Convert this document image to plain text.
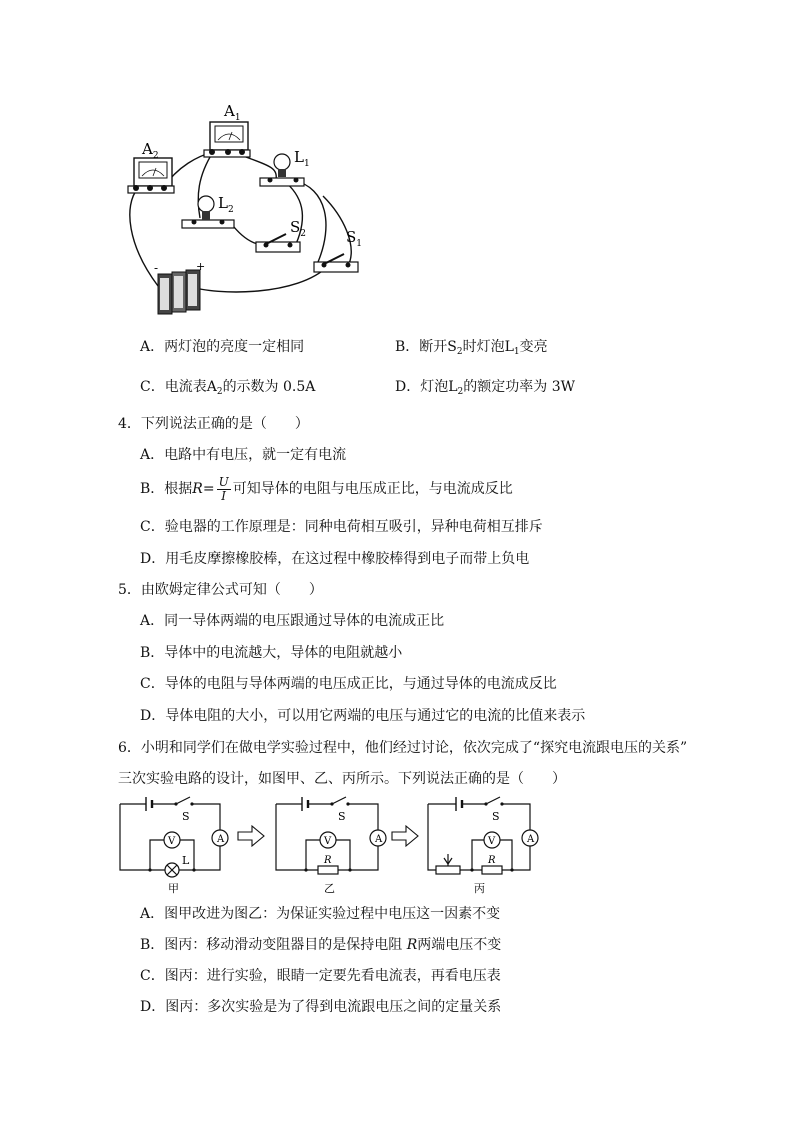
$A_1$
$A_2$	$L_1$
$L_2$
$S_2$	$S_1$
-	+
A．两灯泡的亮度一定相同	B．断开$S_2$时灯泡$L_1$变亮
C．电流表$A_2$的示数为 0.5A	D．灯泡$L_2$的额定功率为 3W
4．下列说法正确的是（　　）
A．电路中有电压，就一定有电流
B．根据$R= \frac{U}{I}$ 可知导体的电阻与电压成正比，与电流成反比
C．验电器的工作原理是：同种电荷相互吸引，异种电荷相互排斥
D．用毛皮摩擦橡胶棒，在这过程中橡胶棒得到电子而带上负电
5．由欧姆定律公式可知（　　）
A．同一导体两端的电压跟通过导体的电流成正比
B．导体中的电流越大，导体的电阻就越小
C．导体的电阻与导体两端的电压成正比，与通过导体的电流成反比
D．导体电阻的大小，可以用它两端的电压与通过它的电流的比值来表示
6．小明和同学们在做电学实验过程中，他们经过讨论，依次完成了“探究电流跟电压的关系”
三次实验电路的设计，如图甲、乙、丙所示。下列说法正确的是（　　）
S
A
V
L
甲
S
A
V
R
乙
S
A
V
R
丙
A．图甲改进为图乙：为保证实验过程中电压这一因素不变
B．图丙：移动滑动变阻器目的是保持电阻 R两端电压不变
C．图丙：进行实验，眼睛一定要先看电流表，再看电压表
D．图丙：多次实验是为了得到电流跟电压之间的定量关系
